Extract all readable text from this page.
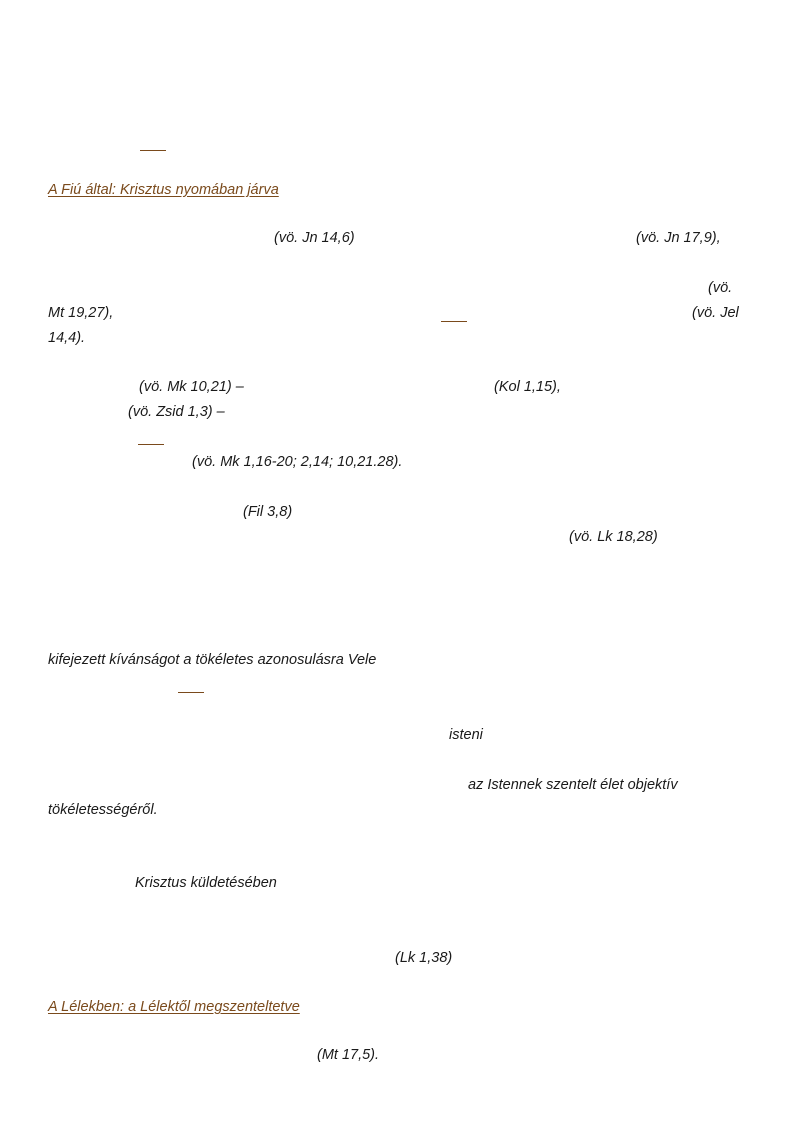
A Fiú által: Krisztus nyomában járva
(vö. Jn 14,6)	(vö. Jn 17,9),
(vö.
Mt 19,27),	(vö. Jel
14,4).
(vö. Mk 10,21) –	(Kol 1,15),
(vö. Zsid 1,3) –
(vö. Mk 1,16-20; 2,14; 10,21.28).
(Fil 3,8)
(vö. Lk 18,28)
kifejezett kívánságot a tökéletes azonosulásra Vele
isteni
az Istennek szentelt élet objektív
tökéletességéről.
Krisztus küldetésében
(Lk 1,38)
A Lélekben: a Lélektől megszenteltetve
(Mt 17,5).
